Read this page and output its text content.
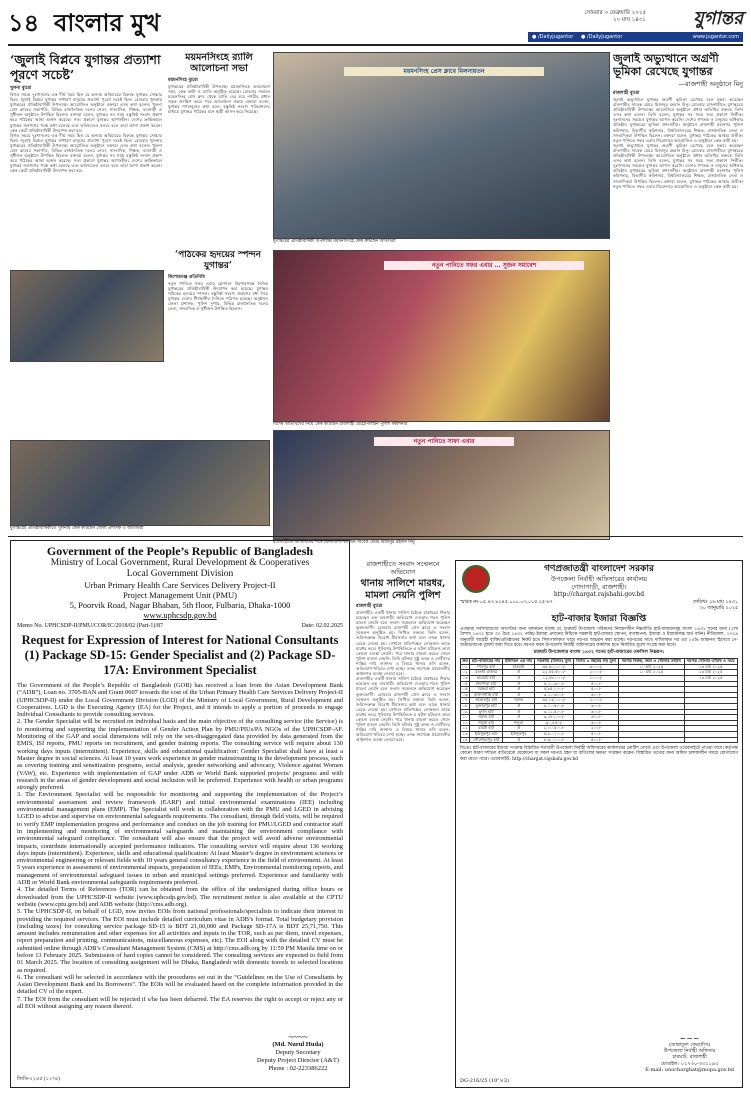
১৪ বাংলার মুখ	সোমবার ৩ ফেব্রুয়ারি ২০২৫
২০ মাঘ ১৪৩১	যুগান্তর
● /Dailyjugantor ● /DailyJugantor	www.jugantor.com
‘জুলাই বিপ্লবে যুগান্তর প্রত্যাশা পূরণে সচেষ্ট’
খুলনা ব্যুরো
বিগত সময়ে দুঃশাসনের এক দীর্ঘ সময় ছিল যে অন্যায় অবিচারের বিরুদ্ধে যুগান্তর সোচ্চার ছিল। জুলাই বিপ্লবে যুগান্তর সাধারণ মানুষের প্রত্যাশা পূরণে সচেষ্ট ছিল। রোববার খুলনায় যুগান্তরের প্রতিষ্ঠাবার্ষিকী উপলক্ষ্যে আয়োজিত অনুষ্ঠানে বক্তারা এসব কথা বলেন। খুলনা প্রেস ক্লাবের সভাপতি, বিভিন্ন রাজনৈতিক দলের নেতা, সাংবাদিক, শিক্ষক, ব্যবসায়ী ও সুধীজন অনুষ্ঠানে উপস্থিত ছিলেন। বক্তারা বলেন, যুগান্তর সব সময় বস্তুনিষ্ঠ সংবাদ প্রকাশ করে পাঠকের আস্থা অর্জন করেছে। সত্য প্রকাশে যুগান্তর আপসহীন। দেশের ক্রান্তিকালে যুগান্তর জনগণের পক্ষে কথা বলেছে এবং ভবিষ্যতেও বলবে বলে তারা আশা প্রকাশ করেন। কেক কেটে প্রতিষ্ঠাবার্ষিকী উদযাপন করা হয়।
বিগত সময়ে দুঃশাসনের এক দীর্ঘ সময় ছিল যে অন্যায় অবিচারের বিরুদ্ধে যুগান্তর সোচ্চার ছিল। জুলাই বিপ্লবে যুগান্তর সাধারণ মানুষের প্রত্যাশা পূরণে সচেষ্ট ছিল। রোববার খুলনায় যুগান্তরের প্রতিষ্ঠাবার্ষিকী উপলক্ষ্যে আয়োজিত অনুষ্ঠানে বক্তারা এসব কথা বলেন। খুলনা প্রেস ক্লাবের সভাপতি, বিভিন্ন রাজনৈতিক দলের নেতা, সাংবাদিক, শিক্ষক, ব্যবসায়ী ও সুধীজন অনুষ্ঠানে উপস্থিত ছিলেন। বক্তারা বলেন, যুগান্তর সব সময় বস্তুনিষ্ঠ সংবাদ প্রকাশ করে পাঠকের আস্থা অর্জন করেছে। সত্য প্রকাশে যুগান্তর আপসহীন। দেশের ক্রান্তিকালে যুগান্তর জনগণের পক্ষে কথা বলেছে এবং ভবিষ্যতেও বলবে বলে তারা আশা প্রকাশ করেন। কেক কেটে প্রতিষ্ঠাবার্ষিকী উদযাপন করা হয়।
যুগান্তরের প্রতিষ্ঠাবার্ষিকীতে খুলনায় কেক কাটছেন জেলা প্রশাসক ও অতিথিরা
ময়মনসিংহে র‌্যালি আলোচনা সভা
ময়মনসিংহ ব্যুরো
যুগান্তরের প্রতিষ্ঠাবার্ষিকী উপলক্ষ্যে ময়মনসিংহে আলোচনা সভা, কেক কাটা ও র‌্যালি অনুষ্ঠিত হয়েছে। রোববার সকালে ময়মনসিংহ প্রেস ক্লাব থেকে র‌্যালি বের হয়ে নগরীর প্রধান সড়ক প্রদক্ষিণ করে। পরে আলোচনা সভায় বক্তারা বলেন, যুগান্তর গণমানুষের কথা বলে। বস্তুনিষ্ঠ সংবাদ পরিবেশনের মাধ্যমে যুগান্তর পাঠকের মনে স্থায়ী আসন করে নিয়েছে।
ময়মনসিংহ প্রেস ক্লাবে মিলনায়তন
যুগান্তরের প্রতিষ্ঠাবার্ষিকী উপলক্ষ্যে ময়মনসিংহে কেক কাটছেন অতিথিরা
জুলাই অভ্যুত্থানে অগ্রণী ভূমিকা রেখেছে যুগান্তর
—রাজশাহী অনুষ্ঠানে মিনু
রাজশাহী ব্যুরো
জুলাই অভ্যুত্থানে যুগান্তর অগ্রণী ভূমিকা রেখেছে বলে মন্তব্য করেছেন রাজশাহীর সাবেক মেয়র মিজানুর রহমান মিনু। রোববার রাজশাহীতে যুগান্তরের প্রতিষ্ঠাবার্ষিকী উপলক্ষ্যে আয়োজিত অনুষ্ঠানে প্রধান অতিথির বক্তব্যে তিনি এসব কথা বলেন। তিনি বলেন, যুগান্তর সব সময় সত্য প্রকাশে নির্ভীক। দুঃশাসনের সময়েও যুগান্তর আপস করেনি। দেশের গণতন্ত্র ও মানুষের অধিকার প্রতিষ্ঠায় যুগান্তরের ভূমিকা প্রশংসনীয়। অনুষ্ঠানে রাজশাহী মহানগর পুলিশ কমিশনার, বিভাগীয় কমিশনার, বিশ্ববিদ্যালয়ের শিক্ষক, রাজনৈতিক নেতা ও সাংবাদিকরা উপস্থিত ছিলেন। বক্তারা বলেন, যুগান্তর পাঠকের আস্থার প্রতীক। নতুন পানিতে সফর এবার শিরোনামে আয়োজিত এ অনুষ্ঠানে কেক কাটা হয়।
জুলাই অভ্যুত্থানে যুগান্তর অগ্রণী ভূমিকা রেখেছে বলে মন্তব্য করেছেন রাজশাহীর সাবেক মেয়র মিজানুর রহমান মিনু। রোববার রাজশাহীতে যুগান্তরের প্রতিষ্ঠাবার্ষিকী উপলক্ষ্যে আয়োজিত অনুষ্ঠানে প্রধান অতিথির বক্তব্যে তিনি এসব কথা বলেন। তিনি বলেন, যুগান্তর সব সময় সত্য প্রকাশে নির্ভীক। দুঃশাসনের সময়েও যুগান্তর আপস করেনি। দেশের গণতন্ত্র ও মানুষের অধিকার প্রতিষ্ঠায় যুগান্তরের ভূমিকা প্রশংসনীয়। অনুষ্ঠানে রাজশাহী মহানগর পুলিশ কমিশনার, বিভাগীয় কমিশনার, বিশ্ববিদ্যালয়ের শিক্ষক, রাজনৈতিক নেতা ও সাংবাদিকরা উপস্থিত ছিলেন। বক্তারা বলেন, যুগান্তর পাঠকের আস্থার প্রতীক। নতুন পানিতে সফর এবার শিরোনামে আয়োজিত এ অনুষ্ঠানে কেক কাটা হয়।
‘পাঠকের হৃদয়ের স্পন্দন যুগান্তর’
কিশোরগঞ্জ প্রতিনিধি
নতুন পানিতে সফর এবার স্লোগানে কিশোরগঞ্জে দৈনিক যুগান্তরের প্রতিষ্ঠাবার্ষিকী উদযাপন করা হয়েছে। যুগান্তর পাঠকের হৃদয়ের স্পন্দন। বস্তুনিষ্ঠ সংবাদ প্রকাশের মধ্য দিয়ে যুগান্তর দেশের শীর্ষস্থানীয় দৈনিকে পরিণত হয়েছে। অনুষ্ঠানে জেলা প্রশাসক, পুলিশ সুপার, বিভিন্ন রাজনৈতিক দলের নেতা, সাংবাদিক ও সুধীজন উপস্থিত ছিলেন।
নতুন পানিতে সফর এবার ... সুজন সমাবেশ
বিশেষ অতিথিদের নিয়ে কেক কাটছেন রাজশাহী মেট্রোপলিটন পুলিশ কমিশনার
নতুন পানিতে সাফা এবার
রাজশাহীতে অতিথিদের সঙ্গে মোনাজাত করছেন সাবেক মেয়র মিজানুর রহমান মিনু
Government of the People’s Republic of Bangladesh
Ministry of Local Government, Rural Development & Cooperatives
Local Government Division
Urban Primary Health Care Services Delivery Project-II
Project Management Unit (PMU)
5, Poorvik Road, Nagar Bhaban, 5th floor, Fulbaria, Dhaka-1000
www.uphcsdp.gov.bd
Memo No. UPHCSDP-II/PMU/COR/IC/2018/02 (Part-1)/87	Date: 02.02.2025
Request for Expression of Interest for National Consultants (1) Package SD-15: Gender Specialist and (2) Package SD-17A: Environment Specialist
The Government of the People’s Republic of Bangladesh (GOB) has received a loan from the Asian Development Bank (“ADB”), Loan no. 3705-BAN and Grant 0607 towards the cost of the Urban Primary Health Care Services Delivery Project-II (UPHCSDP-II) under the Local Government Division (LGD) of the Ministry of Local Government, Rural Development and Cooperatives. LGD is the Executing Agency (EA) for the Project, and it intends to apply a portion of proceeds to engage Individual Consultants to provide consulting services.
2. The Gender Specialist will be recruited on individual basis and the main objective of the consulting service (the Service) is to monitoring and supporting the implementation of Gender Action Plan by PMU/PIUs/PA NGOs of the UPHCSDP-AF. Monitoring of the GAP and social dimensions will rely on the sex-disaggregated data provided by data generated from the EMIS, ISI reports, PMU reports on recruitment, and gender training reports. The consulting service will require about 130 working days inputs (intermittent). Experience, skills and educational qualification: Gender Specialist shall have at least a Master degree in social sciences. At least 10 years work experience in gender mainstreaming in the development process, such as covering training and sensitization programs, social analysis, gender networking and advocacy, Violence against Women (VAW), etc. Experience with implementation of GAP under ADB or World Bank supported projects/ programs and with research in the areas of gender development and social inclusion will be preferred. Experience with health or urban programs strongly preferred.
3. The Environment Specialist will be responsible for monitoring and supporting the implementation of the Project’s environmental assessment and review framework (EARF) and initial environmental examinations (IEE) including environmental management plans (EMP). The Specialist will work in collaboration with the PMU and LGED in advising LGED to advise and supervise on environmental safeguards requirements. The consultant, through field visits, will be required to verify EMP implementation progress and performance and conduct on the job training for PMU/LGED and contractor staff in implementing and monitoring of environmental safeguards and maintaining the environment compliance with environmental safeguard compliance. The consultant will also ensure that the project will avoid adverse environmental impacts, contribute internationally accepted performance indicators. The consulting service will require about 136 working days inputs (intermittent). Experience, skills and educational qualification: At least Master’s degree in environment sciences or environmental engineering or relevant fields with 10 years general consultancy experience in the field of environment. At least 5 years experience in assessment of environmental impacts, preparation of IEEs, EMPs, Environmental monitoring reports, and management of environmental safeguard issues in urban and municipal settings preferred. Experience and familiarity with ADB or World Bank environmental safeguards requirements preferred.
4. The detailed Terms of References (TOR) can be obtained from the office of the undersigned during office hours or downloaded from the UPHCSDP-II website (www.uphcsdp.gov.bd). The recruitment notice is also available at the CPTU website (www.cptu.gov.bd) and ADB website (http://cms.adb.org).
5. The UPHCSDP-II, on behalf of LGD, now invites EOIs from national professionals/specialists to indicate their interest in providing the required services. The EOI must include detailed curriculum vitae in ADB’s format. Total budgetary provision (including taxes) for consulting service package SD-15 is BDT 21,00,000 and Package SD-17A is BDT 25,71,750. This amount includes remuneration and other expenses for all activities and inputs in the TOR, such as per diem, travel expenses, report preparation and printing, communications, miscellaneous expenses, etc). The EOI along with the detailed CV must be submitted online through ADB’s Consultant Management System (CMS) at http://cms.adb.org by 11:59 PM Manila time on or before 13 February 2025. Submission of hard copies cannot be considered. The consulting services are expected to field from 01 March 2025. The location of consulting assignment will be Dhaka, Bangladesh with domestic travels to selected locations as required.
6. The consultant will be selected in accordance with the procedures set out in the “Guidelines on the Use of Consultants by Asian Development Bank and Its Borrowers”. The EOIs will be evaluated based on the complete information provided in the detailed CV of the expert.
7. The EOI from the consultant will be rejected if s/he has been debarred. The EA reserves the right to accept or reject any or all EOI without assigning any reason thereof.
~~~~
(Md. Nurul Huda)
Deputy Secretary
Deputy Project Director (A&T)
Phone : 02-223386222
জিডি-২২৫৫ (১২×৪)
রাজশাহীতে সংবাদ সম্মেলনে অভিযোগ
থানায় সালিশে মারধর, মামলা নেয়নি পুলিশ
রাজশাহী ব্যুরো
রাজশাহীর একটি থানায় সালিশ বৈঠকে মারধরের শিকার হয়েছেন এক ব্যবসায়ী। অভিযোগ দেওয়ার পরও পুলিশ মামলা নেয়নি বলে সংবাদ সম্মেলনে অভিযোগ করেছেন ভুক্তভোগী। রোববার রাজশাহী প্রেস ক্লাবে এ সংবাদ সম্মেলন অনুষ্ঠিত হয়। লিখিত বক্তব্যে তিনি বলেন, জমিসংক্রান্ত বিরোধ মীমাংসার কথা বলে তাকে থানায় ডেকে নেওয়া হয়। সেখানে প্রতিপক্ষের লোকজন তাকে মারধর করে। পুলিশের উপস্থিতিতে এ ঘটনা ঘটলেও তারা কোনো ব্যবস্থা নেয়নি। পরে থানায় মামলা করতে গেলে পুলিশ মামলা নেয়নি। তিনি ঘটনার সুষ্ঠু তদন্ত ও দোষীদের শাস্তির দাবি জানান। এ বিষয়ে থানার ওসি বলেন, অভিযোগ খতিয়ে দেখা হচ্ছে। তদন্ত সাপেক্ষে প্রয়োজনীয় আইনগত ব্যবস্থা নেওয়া হবে।
রাজশাহীর একটি থানায় সালিশ বৈঠকে মারধরের শিকার হয়েছেন এক ব্যবসায়ী। অভিযোগ দেওয়ার পরও পুলিশ মামলা নেয়নি বলে সংবাদ সম্মেলনে অভিযোগ করেছেন ভুক্তভোগী। রোববার রাজশাহী প্রেস ক্লাবে এ সংবাদ সম্মেলন অনুষ্ঠিত হয়। লিখিত বক্তব্যে তিনি বলেন, জমিসংক্রান্ত বিরোধ মীমাংসার কথা বলে তাকে থানায় ডেকে নেওয়া হয়। সেখানে প্রতিপক্ষের লোকজন তাকে মারধর করে। পুলিশের উপস্থিতিতে এ ঘটনা ঘটলেও তারা কোনো ব্যবস্থা নেয়নি। পরে থানায় মামলা করতে গেলে পুলিশ মামলা নেয়নি। তিনি ঘটনার সুষ্ঠু তদন্ত ও দোষীদের শাস্তির দাবি জানান। এ বিষয়ে থানার ওসি বলেন, অভিযোগ খতিয়ে দেখা হচ্ছে। তদন্ত সাপেক্ষে প্রয়োজনীয় আইনগত ব্যবস্থা নেওয়া হবে।
গণপ্রজাতন্ত্রী বাংলাদেশ সরকার
উপজেলা নির্বাহী অফিসারের কার্যালয়
গোদাগাড়ী, রাজশাহী।
http://chargat.rajshahi.gov.bd
স্মারক নং-০৫.৪৩.৮১৪৫.০০০.০৩.০১৫.২৫-৮৭	তারিখঃ ১৬ মাঘ ১৪৩১
৩০ জানুয়ারি ২০২৫
হাট-বাজার ইজারা বিজ্ঞপ্তি
এতদ্বারা সর্বসাধারণের অবগতির জন্য জানানো যাচ্ছে যে, চারঘাট উপজেলা পরিষদের নিয়ন্ত্রণাধীন নিম্নবর্ণিত হাট-বাজারসমূহ বাংলা ১৪৩২ সনের জন্য (১লা বৈশাখ ১৪৩২ হতে ৩০ চৈত্র ১৪৩২ পর্যন্ত) ইজারা প্রদানের নিমিত্তে সরকারি হাট-বাজার (স্থাপন, ব্যবস্থাপনা, ইজারা ও ইজারালব্ধ অর্থ বণ্টন) নীতিমালা, ২০২৪ অনুযায়ী আগ্রহী ব্যক্তি/প্রতিষ্ঠানের নিকট হতে সিলগালাকৃত খামে দরপত্র আহ্বান করা যাচ্ছে। দরপত্রের সাথে দাখিলকৃত দর এর ২০% জামানত হিসেবে পে-অর্ডার/ব্যাংক ড্রাফট জমা দিতে হবে। দরপত্র ফরম উপজেলা নির্বাহী অফিসারের কার্যালয় হতে নির্ধারিত মূল্যে সংগ্রহ করা যাবে।
চারঘাট উপজেলার বাংলা ১৪৩২ সনের হাট-বাজারের তফসিল নিম্নরূপ:
ক্রম	হাট-বাজারের নাম	ইউনিয়ন এর নাম	সরকারি (বিগত) মূল্য	বিগত ৩ বছরের গড় মূল্য	দরপত্র বিক্রয়, জমা ও খোলার তারিখ	দরপত্র খোলার তারিখ ও সময়
০১	শিবপুর হাট	চারঘাট	৩৫,৬০,০০০/-	৩০০০/-	১০ মার্চ ২০২৫	১৩ মার্চ ২০২৫
০২	রাওথা বাজার	ঐ	২২,৪৫,৫০০/-	২০০০/-	১০ মার্চ ২০২৫	১৩ মার্চ ২০২৫
০৩	চারঘাট হাট	ঐ	১২,৪৮,০০০/-	১০০০/-		১৩ মার্চ ২০২৫
০৪	নিমপাড়া হাট	ঐ	৫,১০,৩০০/-	৫০০/-		
০৫	ঝিকরা হাট	ঐ	৫,৮৫,০০০/-	৫০০/-		
০৬	হলিদাগাছি হাট	ঐ	৩,১০,৩০০/-	৩০০/-		
০৭	তাতারপুর হাট	সরদহ	৬৪,১৫,০০০/-	২০০০/-		
০৮	মুক্তারপুর হাট	ঐ	৩,১০,৫০০/-	৩০০/-		
০৯	মুংলি হাট	ঐ	৩,১১,৫০০/-	৩০০/-		
১০	সরদহ হাট	ঐ	৩,১৮,০০০/-	৩০০/-		
১১	শলুয়া হাট	শলুয়া	৯০,৪৫০/-	৩০০/-		
১২	চামটা হাট	ঐ	২,০০,৫০০/-	২০০/-		
১৩	ইউসুফপুর হাট	ইউসুফপুর	৫,৮০,০০০/-	৫০০/-		
১৪	গৌরশহরপুর হাট	ঐ	৮,৬০,০০০/-	৫০০/-		
বিঃদ্রঃ হাট-বাজারের ইজারা সংক্রান্ত বিস্তারিত শর্তাবলী উপজেলা নির্বাহী অফিসারের কার্যালয়ের নোটিশ বোর্ডে এবং উপজেলা ওয়েবসাইটে পাওয়া যাবে। কর্তৃপক্ষ কোনো কারণ দর্শানো ব্যতিরেকে যেকোনো বা সকল দরপত্র গ্রহণ বা বাতিলের ক্ষমতা সংরক্ষণ করেন। বিস্তারিত তথ্যের জন্য অফিস চলাকালীন সময়ে যোগাযোগ করা যেতে পারে। ওয়েবসাইট: http://chargat.rajshahi.gov.bd
~~~
(জান্নাতুল ফেরদৌস)
উপজেলা নির্বাহী অফিসার
চারঘাট, রাজশাহী
মোবাইল: ০১৭৩০-৩৩১১৯৩
E-mail: unocharghat@mopa.gov.bd
DG-216/25 (10"×3)
